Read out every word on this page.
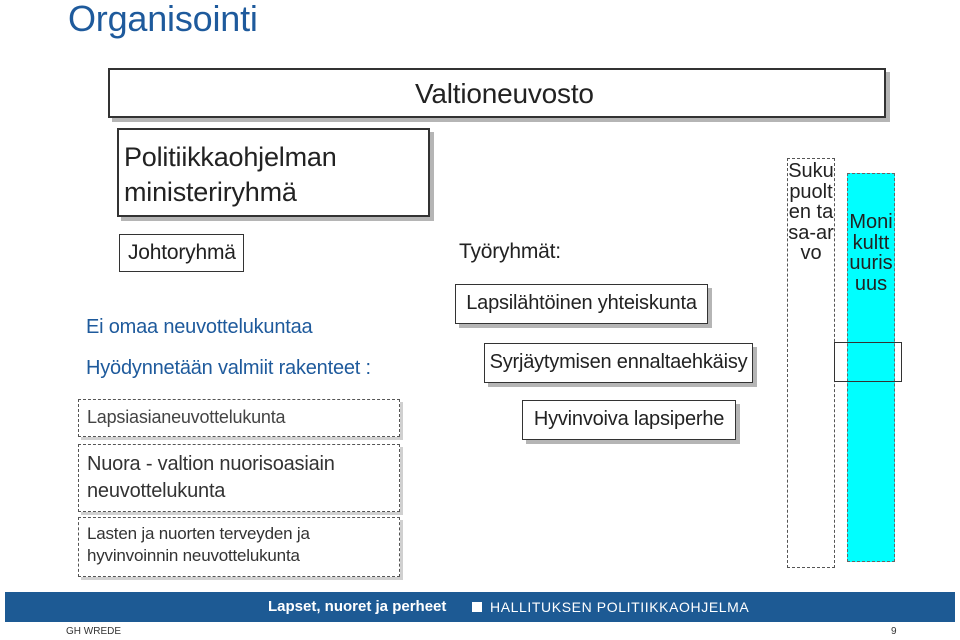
Organisointi
Valtioneuvosto
Politiikkaohjelman ministeriryhmä
Johtoryhmä
Ei omaa neuvottelukuntaa
Hyödynnetään valmiit rakenteet :
Lapsiasianeuvottelukunta
Nuora - valtion nuorisoasiain neuvottelukunta
Lasten ja nuorten terveyden ja hyvinvoinnin neuvottelukunta
Työryhmät:
Lapsilähtöinen yhteiskunta
Syrjäytymisen ennaltaehkäisy
Hyvinvoiva lapsiperhe
Sukupuolten tasa-arvo
Monikulttuurisuus
Lapset, nuoret ja perheet	HALLITUKSEN POLITIIKKAOHJELMA
GH WREDE	9
